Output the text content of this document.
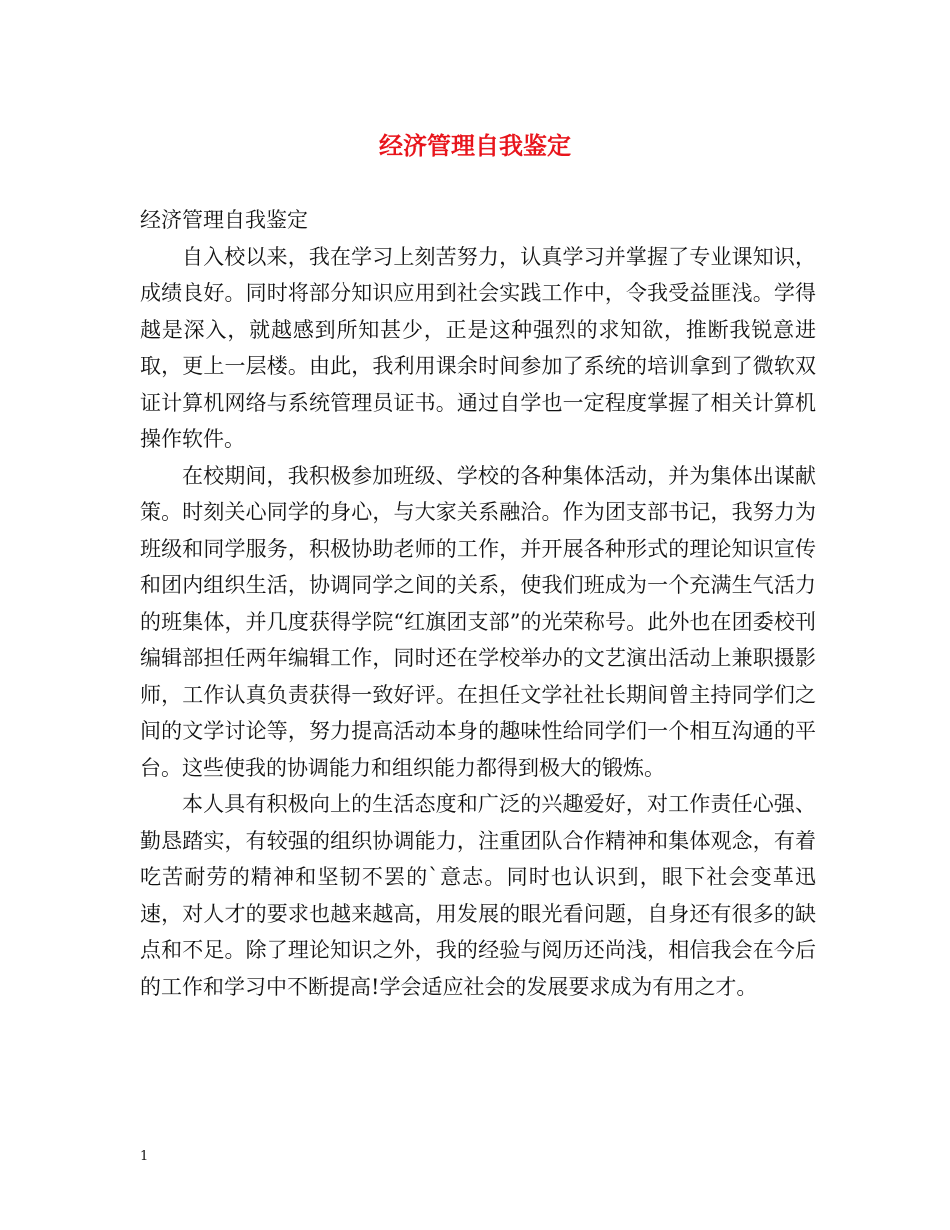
经济管理自我鉴定

经济管理自我鉴定

自入校以来，我在学习上刻苦努力，认真学习并掌握了专业课知识，成绩良好。同时将部分知识应用到社会实践工作中，令我受益匪浅。学得越是深入，就越感到所知甚少，正是这种强烈的求知欲，推断我锐意进取，更上一层楼。由此，我利用课余时间参加了系统的培训拿到了微软双证计算机网络与系统管理员证书。通过自学也一定程度掌握了相关计算机操作软件。

在校期间，我积极参加班级、学校的各种集体活动，并为集体出谋献策。时刻关心同学的身心，与大家关系融洽。作为团支部书记，我努力为班级和同学服务，积极协助老师的工作，并开展各种形式的理论知识宣传和团内组织生活，协调同学之间的关系，使我们班成为一个充满生气活力的班集体，并几度获得学院“红旗团支部”的光荣称号。此外也在团委校刊编辑部担任两年编辑工作，同时还在学校举办的文艺演出活动上兼职摄影师，工作认真负责获得一致好评。在担任文学社社长期间曾主持同学们之间的文学讨论等，努力提高活动本身的趣味性给同学们一个相互沟通的平台。这些使我的协调能力和组织能力都得到极大的锻炼。

本人具有积极向上的生活态度和广泛的兴趣爱好，对工作责任心强、勤恳踏实，有较强的组织协调能力，注重团队合作精神和集体观念，有着吃苦耐劳的精神和坚韧不罢的`意志。同时也认识到，眼下社会变革迅速，对人才的要求也越来越高，用发展的眼光看问题，自身还有很多的缺点和不足。除了理论知识之外，我的经验与阅历还尚浅，相信我会在今后的工作和学习中不断提高!学会适应社会的发展要求成为有用之才。

1
